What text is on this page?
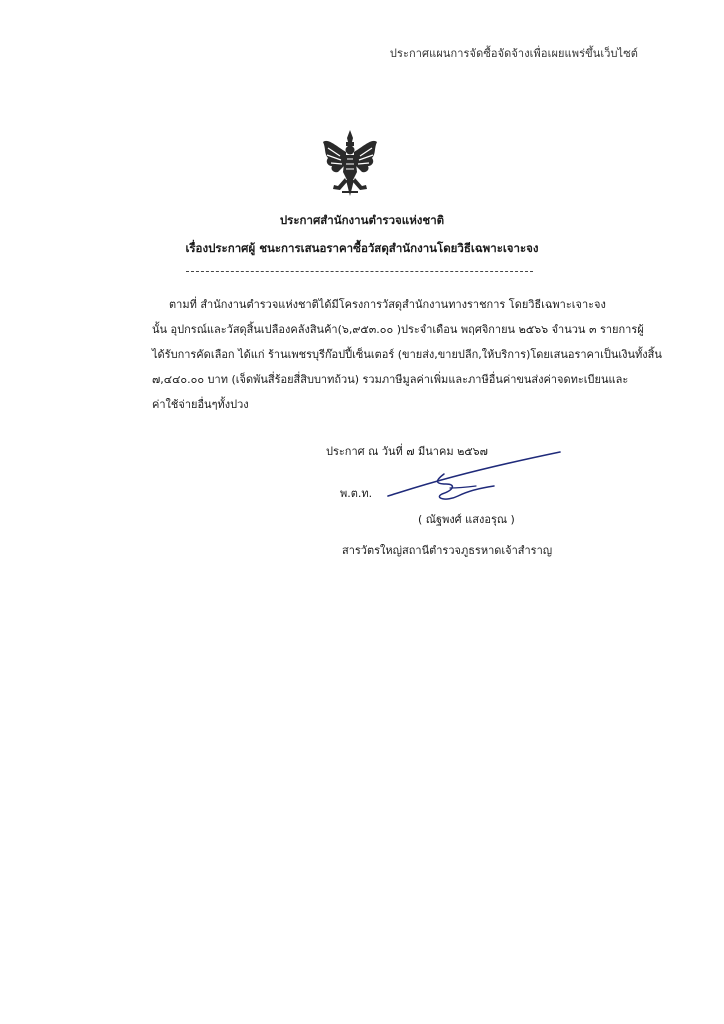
ประกาศแผนการจัดซื้อจัดจ้างเพื่อเผยแพร่ขึ้นเว็บไซต์
ประกาศสำนักงานตำรวจแห่งชาติ
เรื่องประกาศผู้ ชนะการเสนอราคาซื้อวัสดุสำนักงานโดยวิธีเฉพาะเจาะจง
ตามที่ สำนักงานตำรวจแห่งชาติได้มีโครงการวัสดุสำนักงานทางราชการ โดยวิธีเฉพาะเจาะจง
นั้น อุปกรณ์และวัสดุสิ้นเปลืองคลังสินค้า(๖,๙๕๓.๐๐ )ประจำเดือน พฤศจิกายน ๒๕๖๖ จำนวน ๓ รายการผู้
ได้รับการคัดเลือก ได้แก่ ร้านเพชรบุรีก๊อปปี้เซ็นเตอร์ (ขายส่ง,ขายปลีก,ให้บริการ)โดยเสนอราคาเป็นเงินทั้งสิ้น
๗,๔๔๐.๐๐ บาท (เจ็ดพันสี่ร้อยสี่สิบบาทถ้วน) รวมภาษีมูลค่าเพิ่มและภาษีอื่นค่าขนส่งค่าจดทะเบียนและ
ค่าใช้จ่ายอื่นๆทั้งปวง
ประกาศ ณ วันที่ ๗ มีนาคม ๒๕๖๗
พ.ต.ท.
( ณัฐพงศ์ แสงอรุณ )
สารวัตรใหญ่สถานีตำรวจภูธรหาดเจ้าสำราญ
